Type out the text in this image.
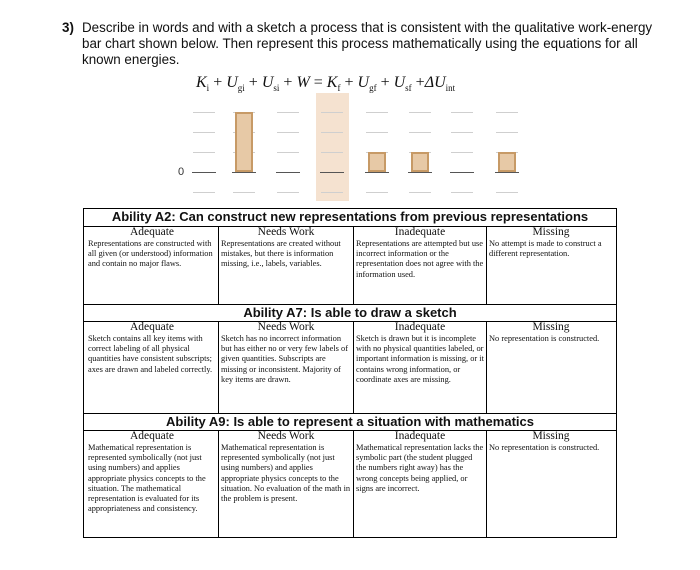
3) Describe in words and with a sketch a process that is consistent with the qualitative work-energy bar chart shown below. Then represent this process mathematically using the equations for all known energies.
$K_i + U_{gi} + U_{si} + W = K_f + U_{gf} + U_{sf} +\Delta U_{int}$
0
Ability A2: Can construct new representations from previous representations
Adequate
Representations are constructed with all given (or understood) information and contain no major flaws.
Needs Work
Representations are created without mistakes, but there is information missing, i.e., labels, variables.
Inadequate
Representations are attempted but use incorrect information or the representation does not agree with the information used.
Missing
No attempt is made to construct a different representation.
Ability A7: Is able to draw a sketch
Adequate
Sketch contains all key items with correct labeling of all physical quantities have consistent subscripts; axes are drawn and labeled correctly.
Needs Work
Sketch has no incorrect information but has either no or very few labels of given quantities. Subscripts are missing or inconsistent. Majority of key items are drawn.
Inadequate
Sketch is drawn but it is incomplete with no physical quantities labeled, or important information is missing, or it contains wrong information, or coordinate axes are missing.
Missing
No representation is constructed.
Ability A9: Is able to represent a situation with mathematics
Adequate
Mathematical representation is represented symbolically (not just using numbers) and applies appropriate physics concepts to the situation. The mathematical representation is evaluated for its appropriateness and consistency.
Needs Work
Mathematical representation is represented symbolically (not just using numbers) and applies appropriate physics concepts to the situation. No evaluation of the math in the problem is present.
Inadequate
Mathematical representation lacks the symbolic part (the student plugged the numbers right away) has the wrong concepts being applied, or signs are incorrect.
Missing
No representation is constructed.
